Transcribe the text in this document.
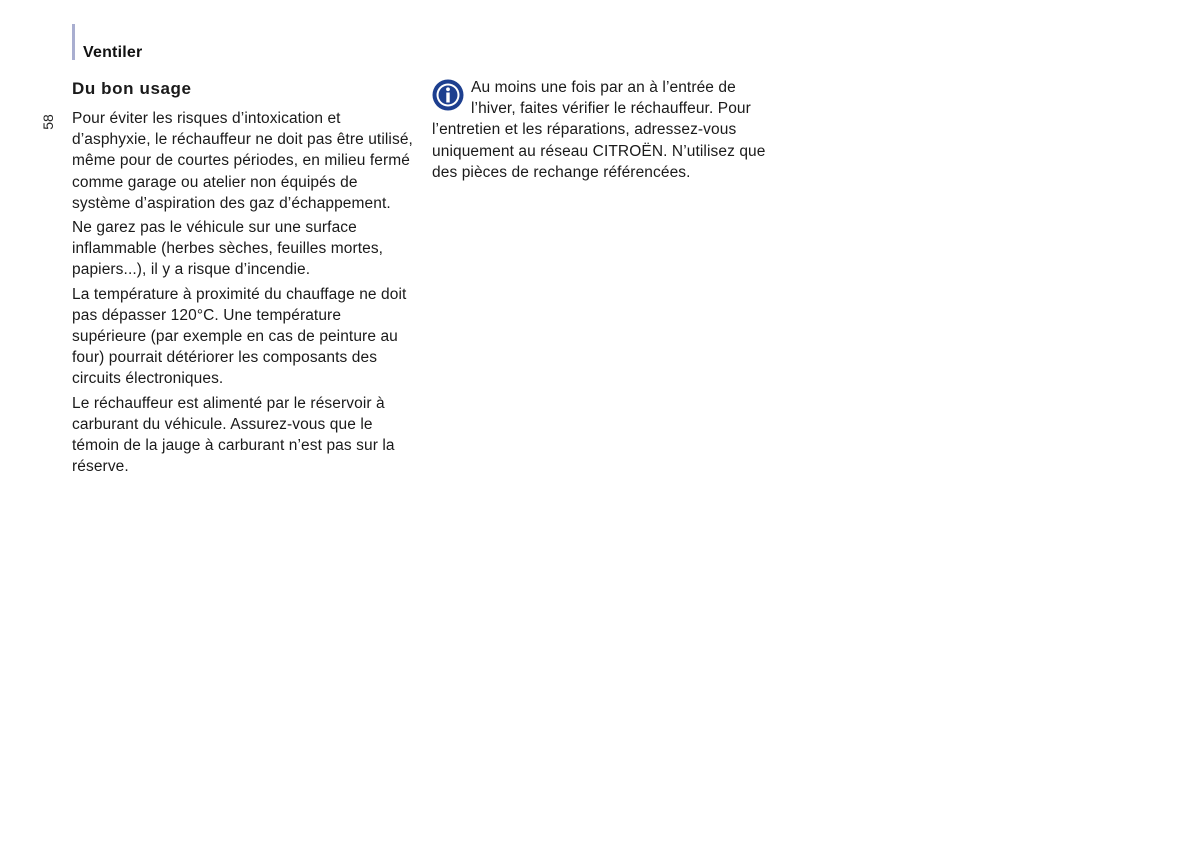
Ventiler
58
Du bon usage

Pour éviter les risques d’intoxication et d’asphyxie, le réchauffeur ne doit pas être utilisé, même pour de courtes périodes, en milieu fermé comme garage ou atelier non équipés de système d’aspiration des gaz d’échappement.

Ne garez pas le véhicule sur une surface inflammable (herbes sèches, feuilles mortes, papiers...), il y a risque d’incendie.

La température à proximité du chauffage ne doit pas dépasser 120°C. Une température supérieure (par exemple en cas de peinture au four) pourrait détériorer les composants des circuits électroniques.

Le réchauffeur est alimenté par le réservoir à carburant du véhicule. Assurez-vous que le témoin de la jauge à carburant n’est pas sur la réserve.

Au moins une fois par an à l’entrée de l’hiver, faites vérifier le réchauffeur. Pour l’entretien et les réparations, adressez-vous uniquement au réseau CITROËN. N’utilisez que des pièces de rechange référencées.
